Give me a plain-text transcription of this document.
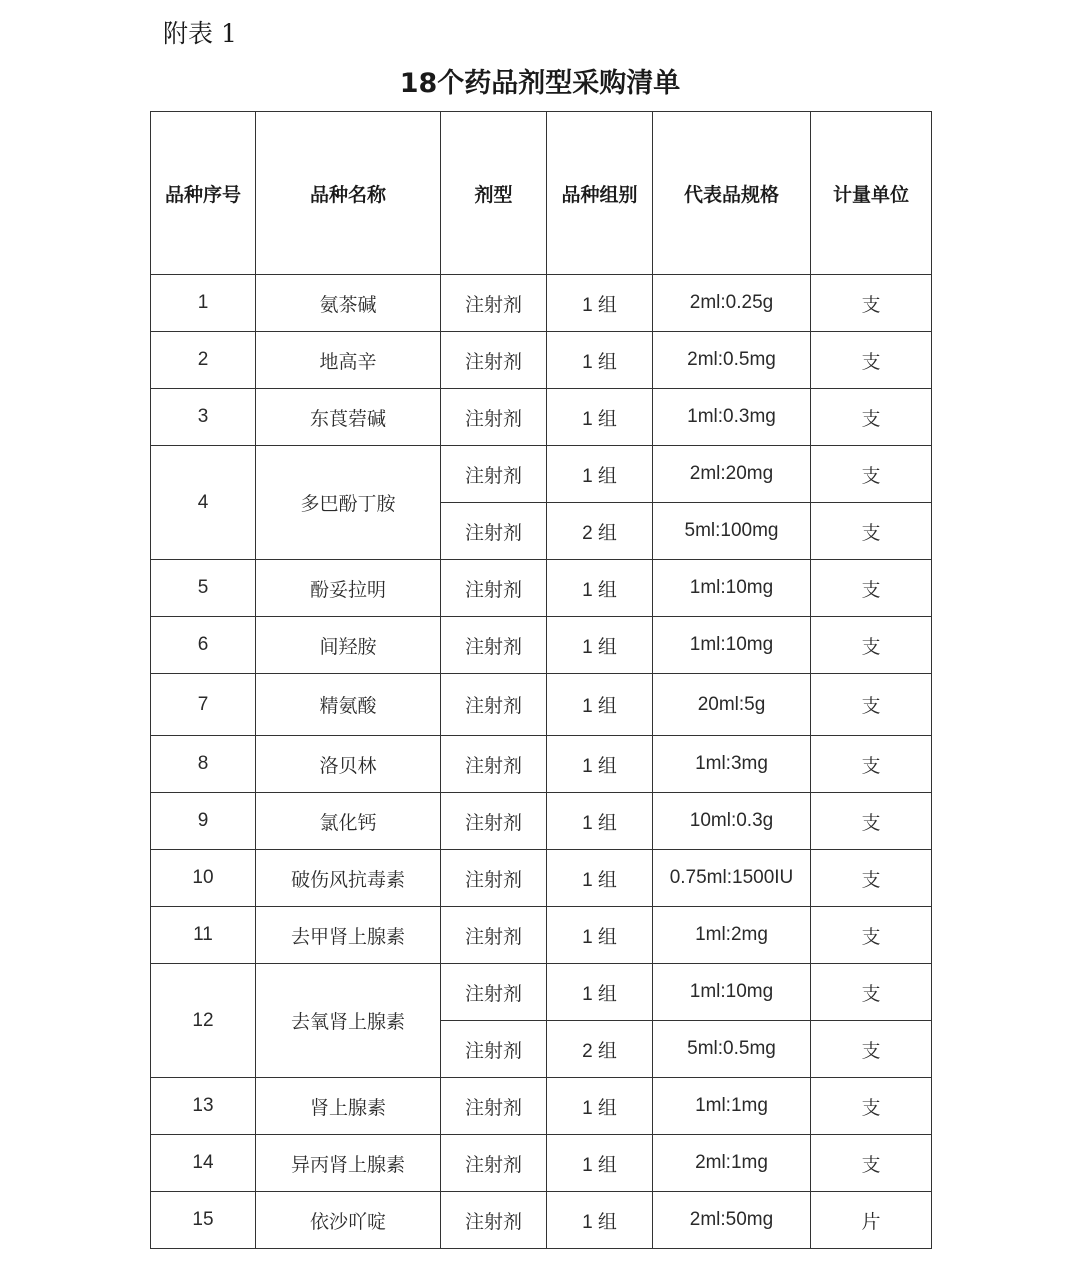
附表 1
18个药品剂型采购清单
品种序号	品种名称	剂型	品种组别	代表品规格	计量单位
1	氨茶碱	注射剂	1 组	2ml:0.25g	支
2	地高辛	注射剂	1 组	2ml:0.5mg	支
3	东莨菪碱	注射剂	1 组	1ml:0.3mg	支
4	多巴酚丁胺	注射剂	1 组	2ml:20mg	支
		注射剂	2 组	5ml:100mg	支
5	酚妥拉明	注射剂	1 组	1ml:10mg	支
6	间羟胺	注射剂	1 组	1ml:10mg	支
7	精氨酸	注射剂	1 组	20ml:5g	支
8	洛贝林	注射剂	1 组	1ml:3mg	支
9	氯化钙	注射剂	1 组	10ml:0.3g	支
10	破伤风抗毒素	注射剂	1 组	0.75ml:1500IU	支
11	去甲肾上腺素	注射剂	1 组	1ml:2mg	支
12	去氧肾上腺素	注射剂	1 组	1ml:10mg	支
		注射剂	2 组	5ml:0.5mg	支
13	肾上腺素	注射剂	1 组	1ml:1mg	支
14	异丙肾上腺素	注射剂	1 组	2ml:1mg	支
15	依沙吖啶	注射剂	1 组	2ml:50mg	片
